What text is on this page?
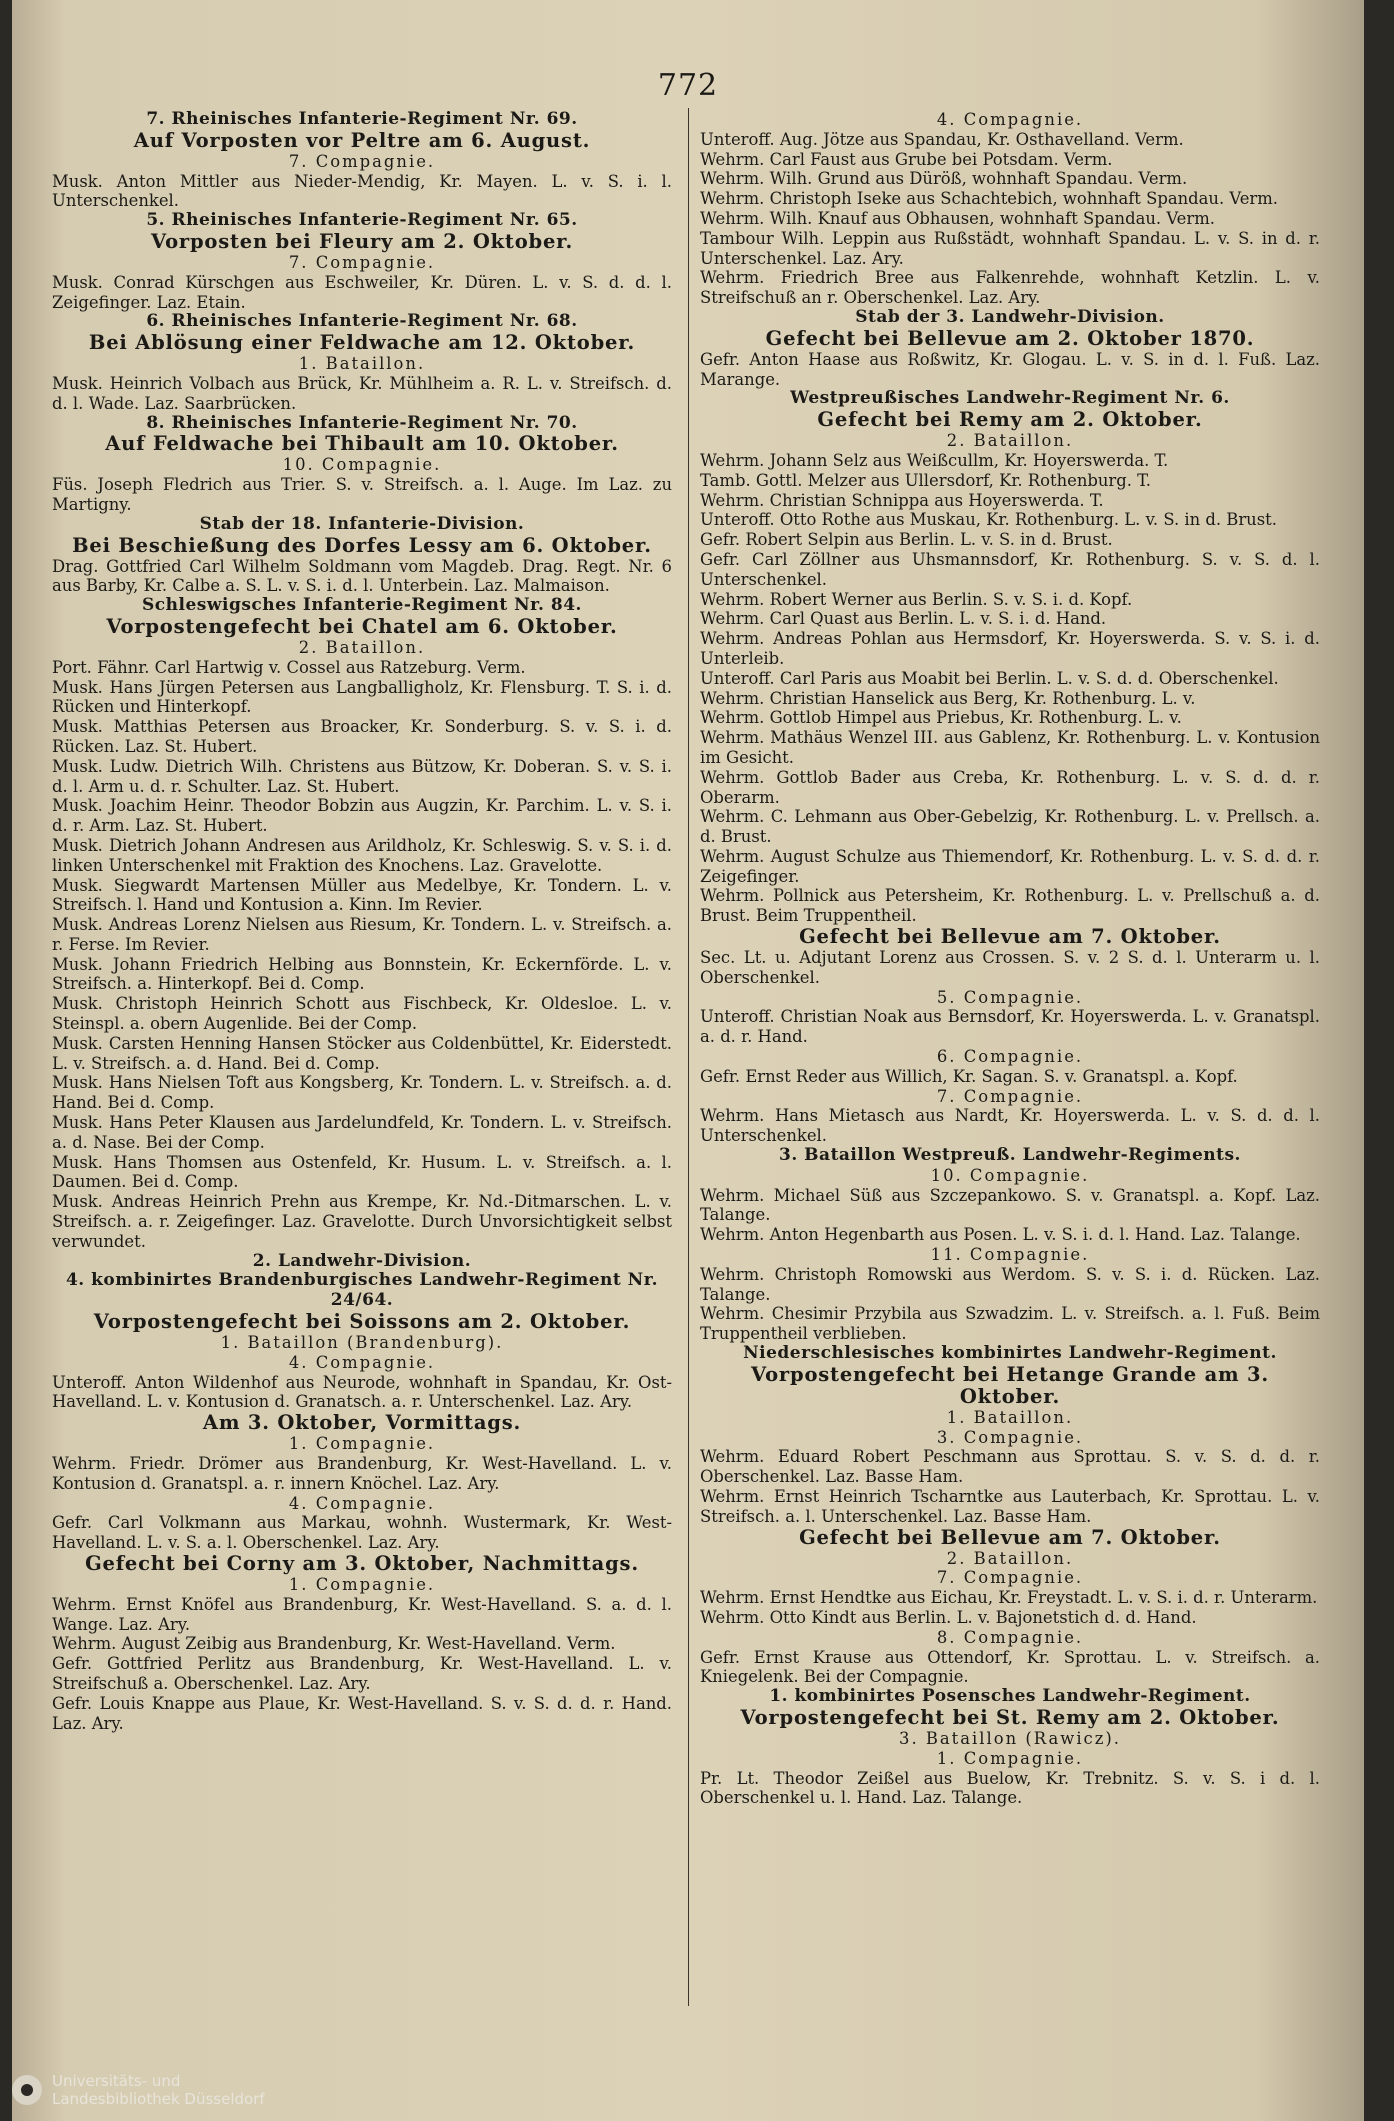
772
7. Rheinisches Infanterie-Regiment Nr. 69.
Auf Vorposten vor Peltre am 6. August.
7. Compagnie.
Musk. Anton Mittler aus Nieder-Mendig, Kr. Mayen. L. v. S. i. l. Unterschenkel.
5. Rheinisches Infanterie-Regiment Nr. 65.
Vorposten bei Fleury am 2. Oktober.
7. Compagnie.
Musk. Conrad Kürschgen aus Eschweiler, Kr. Düren. L. v. S. d. d. l. Zeigefinger. Laz. Etain.
6. Rheinisches Infanterie-Regiment Nr. 68.
Bei Ablösung einer Feldwache am 12. Oktober.
1. Bataillon.
Musk. Heinrich Volbach aus Brück, Kr. Mühlheim a. R. L. v. Streifsch. d. d. l. Wade. Laz. Saarbrücken.
8. Rheinisches Infanterie-Regiment Nr. 70.
Auf Feldwache bei Thibault am 10. Oktober.
10. Compagnie.
Füs. Joseph Fledrich aus Trier. S. v. Streifsch. a. l. Auge. Im Laz. zu Martigny.
Stab der 18. Infanterie-Division.
Bei Beschießung des Dorfes Lessy am 6. Oktober.
Drag. Gottfried Carl Wilhelm Soldmann vom Magdeb. Drag. Regt. Nr. 6 aus Barby, Kr. Calbe a. S. L. v. S. i. d. l. Unterbein. Laz. Malmaison.
Schleswigsches Infanterie-Regiment Nr. 84.
Vorpostengefecht bei Chatel am 6. Oktober.
2. Bataillon.
Port. Fähnr. Carl Hartwig v. Cossel aus Ratzeburg. Verm.
Musk. Hans Jürgen Petersen aus Langballigholz, Kr. Flensburg. T. S. i. d. Rücken und Hinterkopf.
Musk. Matthias Petersen aus Broacker, Kr. Sonderburg. S. v. S. i. d. Rücken. Laz. St. Hubert.
Musk. Ludw. Dietrich Wilh. Christens aus Bützow, Kr. Doberan. S. v. S. i. d. l. Arm u. d. r. Schulter. Laz. St. Hubert.
Musk. Joachim Heinr. Theodor Bobzin aus Augzin, Kr. Parchim. L. v. S. i. d. r. Arm. Laz. St. Hubert.
Musk. Dietrich Johann Andresen aus Arildholz, Kr. Schleswig. S. v. S. i. d. linken Unterschenkel mit Fraktion des Knochens. Laz. Gravelotte.
Musk. Siegwardt Martensen Müller aus Medelbye, Kr. Tondern. L. v. Streifsch. l. Hand und Kontusion a. Kinn. Im Revier.
Musk. Andreas Lorenz Nielsen aus Riesum, Kr. Tondern. L. v. Streifsch. a. r. Ferse. Im Revier.
Musk. Johann Friedrich Helbing aus Bonnstein, Kr. Eckernförde. L. v. Streifsch. a. Hinterkopf. Bei d. Comp.
Musk. Christoph Heinrich Schott aus Fischbeck, Kr. Oldesloe. L. v. Steinspl. a. obern Augenlide. Bei der Comp.
Musk. Carsten Henning Hansen Stöcker aus Coldenbüttel, Kr. Eiderstedt. L. v. Streifsch. a. d. Hand. Bei d. Comp.
Musk. Hans Nielsen Toft aus Kongsberg, Kr. Tondern. L. v. Streifsch. a. d. Hand. Bei d. Comp.
Musk. Hans Peter Klausen aus Jardelundfeld, Kr. Tondern. L. v. Streifsch. a. d. Nase. Bei der Comp.
Musk. Hans Thomsen aus Ostenfeld, Kr. Husum. L. v. Streifsch. a. l. Daumen. Bei d. Comp.
Musk. Andreas Heinrich Prehn aus Krempe, Kr. Nd.-Ditmarschen. L. v. Streifsch. a. r. Zeigefinger. Laz. Gravelotte. Durch Unvorsichtigkeit selbst verwundet.
2. Landwehr-Division.
4. kombinirtes Brandenburgisches Landwehr-Regiment Nr. 24/64.
Vorpostengefecht bei Soissons am 2. Oktober.
1. Bataillon (Brandenburg).
4. Compagnie.
Unteroff. Anton Wildenhof aus Neurode, wohnhaft in Spandau, Kr. Ost-Havelland. L. v. Kontusion d. Granatsch. a. r. Unterschenkel. Laz. Ary.
Am 3. Oktober, Vormittags.
1. Compagnie.
Wehrm. Friedr. Drömer aus Brandenburg, Kr. West-Havelland. L. v. Kontusion d. Granatspl. a. r. innern Knöchel. Laz. Ary.
4. Compagnie.
Gefr. Carl Volkmann aus Markau, wohnh. Wustermark, Kr. West-Havelland. L. v. S. a. l. Oberschenkel. Laz. Ary.
Gefecht bei Corny am 3. Oktober, Nachmittags.
1. Compagnie.
Wehrm. Ernst Knöfel aus Brandenburg, Kr. West-Havelland. S. a. d. l. Wange. Laz. Ary.
Wehrm. August Zeibig aus Brandenburg, Kr. West-Havelland. Verm.
Gefr. Gottfried Perlitz aus Brandenburg, Kr. West-Havelland. L. v. Streifschuß a. Oberschenkel. Laz. Ary.
Gefr. Louis Knappe aus Plaue, Kr. West-Havelland. S. v. S. d. d. r. Hand. Laz. Ary.
4. Compagnie.
Unteroff. Aug. Jötze aus Spandau, Kr. Osthavelland. Verm.
Wehrm. Carl Faust aus Grube bei Potsdam. Verm.
Wehrm. Wilh. Grund aus Düröß, wohnhaft Spandau. Verm.
Wehrm. Christoph Iseke aus Schachtebich, wohnhaft Spandau. Verm.
Wehrm. Wilh. Knauf aus Obhausen, wohnhaft Spandau. Verm.
Tambour Wilh. Leppin aus Rußstädt, wohnhaft Spandau. L. v. S. in d. r. Unterschenkel. Laz. Ary.
Wehrm. Friedrich Bree aus Falkenrehde, wohnhaft Ketzlin. L. v. Streifschuß an r. Oberschenkel. Laz. Ary.
Stab der 3. Landwehr-Division.
Gefecht bei Bellevue am 2. Oktober 1870.
Gefr. Anton Haase aus Roßwitz, Kr. Glogau. L. v. S. in d. l. Fuß. Laz. Marange.
Westpreußisches Landwehr-Regiment Nr. 6.
Gefecht bei Remy am 2. Oktober.
2. Bataillon.
Wehrm. Johann Selz aus Weißcullm, Kr. Hoyerswerda. T.
Tamb. Gottl. Melzer aus Ullersdorf, Kr. Rothenburg. T.
Wehrm. Christian Schnippa aus Hoyerswerda. T.
Unteroff. Otto Rothe aus Muskau, Kr. Rothenburg. L. v. S. in d. Brust.
Gefr. Robert Selpin aus Berlin. L. v. S. in d. Brust.
Gefr. Carl Zöllner aus Uhsmannsdorf, Kr. Rothenburg. S. v. S. d. l. Unterschenkel.
Wehrm. Robert Werner aus Berlin. S. v. S. i. d. Kopf.
Wehrm. Carl Quast aus Berlin. L. v. S. i. d. Hand.
Wehrm. Andreas Pohlan aus Hermsdorf, Kr. Hoyerswerda. S. v. S. i. d. Unterleib.
Unteroff. Carl Paris aus Moabit bei Berlin. L. v. S. d. d. Oberschenkel.
Wehrm. Christian Hanselick aus Berg, Kr. Rothenburg. L. v.
Wehrm. Gottlob Himpel aus Priebus, Kr. Rothenburg. L. v.
Wehrm. Mathäus Wenzel III. aus Gablenz, Kr. Rothenburg. L. v. Kontusion im Gesicht.
Wehrm. Gottlob Bader aus Creba, Kr. Rothenburg. L. v. S. d. d. r. Oberarm.
Wehrm. C. Lehmann aus Ober-Gebelzig, Kr. Rothenburg. L. v. Prellsch. a. d. Brust.
Wehrm. August Schulze aus Thiemendorf, Kr. Rothenburg. L. v. S. d. d. r. Zeigefinger.
Wehrm. Pollnick aus Petersheim, Kr. Rothenburg. L. v. Prellschuß a. d. Brust. Beim Truppentheil.
Gefecht bei Bellevue am 7. Oktober.
Sec. Lt. u. Adjutant Lorenz aus Crossen. S. v. 2 S. d. l. Unterarm u. l. Oberschenkel.
5. Compagnie.
Unteroff. Christian Noak aus Bernsdorf, Kr. Hoyerswerda. L. v. Granatspl. a. d. r. Hand.
6. Compagnie.
Gefr. Ernst Reder aus Willich, Kr. Sagan. S. v. Granatspl. a. Kopf.
7. Compagnie.
Wehrm. Hans Mietasch aus Nardt, Kr. Hoyerswerda. L. v. S. d. d. l. Unterschenkel.
3. Bataillon Westpreuß. Landwehr-Regiments.
10. Compagnie.
Wehrm. Michael Süß aus Szczepankowo. S. v. Granatspl. a. Kopf. Laz. Talange.
Wehrm. Anton Hegenbarth aus Posen. L. v. S. i. d. l. Hand. Laz. Talange.
11. Compagnie.
Wehrm. Christoph Romowski aus Werdom. S. v. S. i. d. Rücken. Laz. Talange.
Wehrm. Chesimir Przybila aus Szwadzim. L. v. Streifsch. a. l. Fuß. Beim Truppentheil verblieben.
Niederschlesisches kombinirtes Landwehr-Regiment.
Vorpostengefecht bei Hetange Grande am 3. Oktober.
1. Bataillon.
3. Compagnie.
Wehrm. Eduard Robert Peschmann aus Sprottau. S. v. S. d. d. r. Oberschenkel. Laz. Basse Ham.
Wehrm. Ernst Heinrich Tscharntke aus Lauterbach, Kr. Sprottau. L. v. Streifsch. a. l. Unterschenkel. Laz. Basse Ham.
Gefecht bei Bellevue am 7. Oktober.
2. Bataillon.
7. Compagnie.
Wehrm. Ernst Hendtke aus Eichau, Kr. Freystadt. L. v. S. i. d. r. Unterarm.
Wehrm. Otto Kindt aus Berlin. L. v. Bajonetstich d. d. Hand.
8. Compagnie.
Gefr. Ernst Krause aus Ottendorf, Kr. Sprottau. L. v. Streifsch. a. Kniegelenk. Bei der Compagnie.
1. kombinirtes Posensches Landwehr-Regiment.
Vorpostengefecht bei St. Remy am 2. Oktober.
3. Bataillon (Rawicz).
1. Compagnie.
Pr. Lt. Theodor Zeißel aus Buelow, Kr. Trebnitz. S. v. S. i d. l. Oberschenkel u. l. Hand. Laz. Talange.
Universitäts- und
Landesbibliothek Düsseldorf
